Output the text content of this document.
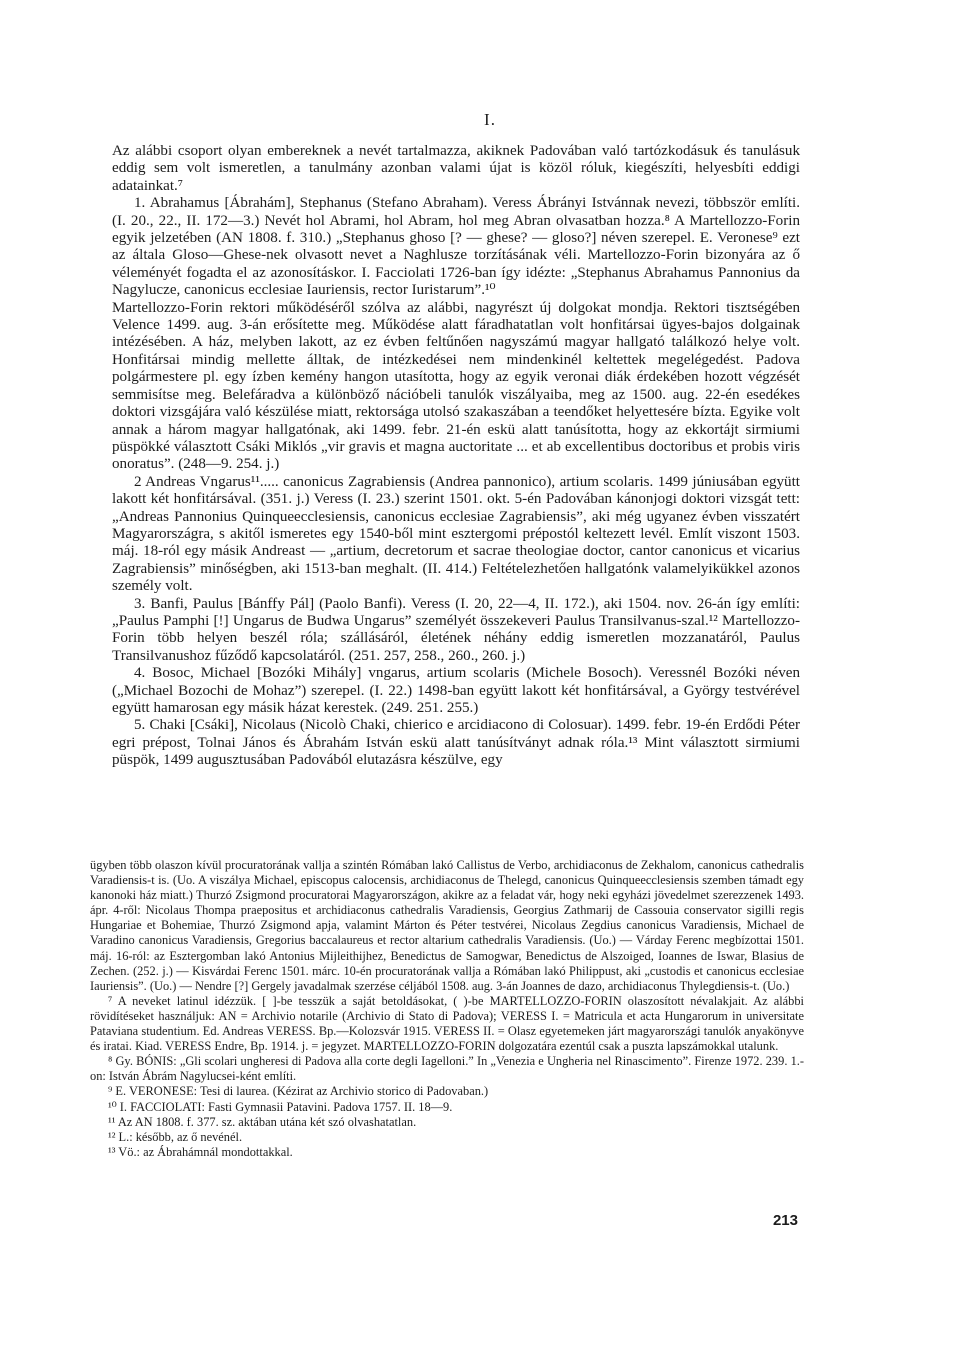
I.

Az alábbi csoport olyan embereknek a nevét tartalmazza, akiknek Padovában való tartózkodásuk és tanulásuk eddig sem volt ismeretlen, a tanulmány azonban valami újat is közöl róluk, kiegészíti, helyesbíti eddigi adatainkat.⁷

1. Abrahamus [Ábrahám], Stephanus (Stefano Abraham). Veress Ábrányi Istvánnak nevezi, többször említi. (I. 20., 22., II. 172—3.) Nevét hol Abrami, hol Abram, hol meg Abran olvasatban hozza.⁸ A Martellozzo-Forin egyik jelzetében (AN 1808. f. 310.) „Stephanus ghoso [? — ghese? — gloso?] néven szerepel. E. Veronese⁹ ezt az általa Gloso—Ghese-nek olvasott nevet a Naghlusze torzításának véli. Martellozzo-Forin bizonyára az ő véleményét fogadta el az azonosításkor. I. Facciolati 1726-ban így idézte: „Stephanus Abrahamus Pannonius da Nagylucze, canonicus ecclesiae Iauriensis, rector Iuristarum”.¹⁰

Martellozzo-Forin rektori működéséről szólva az alábbi, nagyrészt új dolgokat mondja. Rektori tisztségében Velence 1499. aug. 3-án erősítette meg. Működése alatt fáradhatatlan volt honfitársai ügyes-bajos dolgainak intézésében. A ház, melyben lakott, az ez évben feltűnően nagyszámú magyar hallgató találkozó helye volt. Honfitársai mindig mellette álltak, de intézkedései nem mindenkinél keltettek megelégedést. Padova polgármestere pl. egy ízben kemény hangon utasította, hogy az egyik veronai diák érdekében hozott végzését semmisítse meg. Belefáradva a különböző nációbeli tanulók viszályaiba, meg az 1500. aug. 22-én esedékes doktori vizsgájára való készülése miatt, rektorsága utolsó szakaszában a teendőket helyettesére bízta. Egyike volt annak a három magyar hallgatónak, aki 1499. febr. 21-én eskü alatt tanúsította, hogy az ekkortájt sirmiumi püspökké választott Csáki Miklós „vir gravis et magna auctoritate ... et ab excellentibus doctoribus et probis viris onoratus”. (248—9. 254. j.)

2 Andreas Vngarus¹¹..... canonicus Zagrabiensis (Andrea pannonico), artium scolaris. 1499 júniusában együtt lakott két honfitársával. (351. j.) Veress (I. 23.) szerint 1501. okt. 5-én Padovában kánonjogi doktori vizsgát tett: „Andreas Pannonius Quinqueecclesiensis, canonicus ecclesiae Zagrabiensis”, aki még ugyanez évben visszatért Magyarországra, s akitől ismeretes egy 1540-ből mint esztergomi prépostól keltezett levél. Említ viszont 1503. máj. 18-ról egy másik Andreast — „artium, decretorum et sacrae theologiae doctor, cantor canonicus et vicarius Zagrabiensis” minőségben, aki 1513-ban meghalt. (II. 414.) Feltételezhetően hallgatónk valamelyikükkel azonos személy volt.

3. Banfi, Paulus [Bánffy Pál] (Paolo Banfi). Veress (I. 20, 22—4, II. 172.), aki 1504. nov. 26-án így említi: „Paulus Pamphi [!] Ungarus de Budwa Ungarus” személyét összekeveri Paulus Transilvanus-szal.¹² Martellozzo-Forin több helyen beszél róla; szállásáról, életének néhány eddig ismeretlen mozzanatáról, Paulus Transilvanushoz fűződő kapcsolatáról. (251. 257, 258., 260., 260. j.)

4. Bosoc, Michael [Bozóki Mihály] vngarus, artium scolaris (Michele Bosoch). Veressnél Bozóki néven („Michael Bozochi de Mohaz”) szerepel. (I. 22.) 1498-ban együtt lakott két honfitársával, a György testvérével együtt hamarosan egy másik házat kerestek. (249. 251. 255.)

5. Chaki [Csáki], Nicolaus (Nicolò Chaki, chierico e arcidiacono di Colosuar). 1499. febr. 19-én Erdődi Péter egri prépost, Tolnai János és Ábrahám István eskü alatt tanúsítványt adnak róla.¹³ Mint választott sirmiumi püspök, 1499 augusztusában Padovából elutazásra készülve, egy

ügyben több olaszon kívül procuratorának vallja a szintén Rómában lakó Callistus de Verbo, archidiaconus de Zekhalom, canonicus cathedralis Varadiensis-t is. (Uo. A viszálya Michael, episcopus calocensis, archidiaconus de Thelegd, canonicus Quinqueecclesiensis szemben támadt egy kanonoki ház miatt.) Thurzó Zsigmond procuratorai Magyarországon, akikre az a feladat vár, hogy neki egyházi jövedelmet szerezzenek 1493. ápr. 4-ről: Nicolaus Thompa praepositus et archidiaconus cathedralis Varadiensis, Georgius Zathmarij de Cassouia conservator sigilli regis Hungariae et Bohemiae, Thurzó Zsigmond apja, valamint Márton és Péter testvérei, Nicolaus Zegdius canonicus Varadiensis, Michael de Varadino canonicus Varadiensis, Gregorius baccalaureus et rector altarium cathedralis Varadiensis. (Uo.) — Várday Ferenc megbízottai 1501. máj. 16-ról: az Esztergomban lakó Antonius Mijleithijhez, Benedictus de Samogwar, Benedictus de Alszoiged, Ioannes de Iswar, Blasius de Zechen. (252. j.) — Kisvárdai Ferenc 1501. márc. 10-én procuratorának vallja a Rómában lakó Philippust, aki „custodis et canonicus ecclesiae Iauriensis”. (Uo.) — Nendre [?] Gergely javadalmak szerzése céljából 1508. aug. 3-án Joannes de dazo, archidiaconus Thylegdiensis-t. (Uo.)

⁷ A neveket latinul idézzük. [ ]-be tesszük a saját betoldásokat, ( )-be MARTELLOZZO-FORIN olaszosított névalakjait. Az alábbi rövidítéseket használjuk: AN = Archivio notarile (Archivio di Stato di Padova); VERESS I. = Matricula et acta Hungarorum in universitate Pataviana studentium. Ed. Andreas VERESS. Bp.—Kolozsvár 1915. VERESS II. = Olasz egyetemeken járt magyarországi tanulók anyakönyve és iratai. Kiad. VERESS Endre, Bp. 1914. j. = jegyzet. MARTELLOZZO-FORIN dolgozatára ezentúl csak a puszta lapszámokkal utalunk.

⁸ Gy. BÓNIS: „Gli scolari ungheresi di Padova alla corte degli Iagelloni.” In „Venezia e Ungheria nel Rinascimento”. Firenze 1972. 239. 1.-on: István Ábrám Nagylucsei-ként említi.

⁹ E. VERONESE: Tesi di laurea. (Kézirat az Archivio storico di Padovaban.)

¹⁰ I. FACCIOLATI: Fasti Gymnasii Patavini. Padova 1757. II. 18—9.

¹¹ Az AN 1808. f. 377. sz. aktában utána két szó olvashatatlan.

¹² L.: később, az ő nevénél.

¹³ Vö.: az Ábrahámnál mondottakkal.

213
